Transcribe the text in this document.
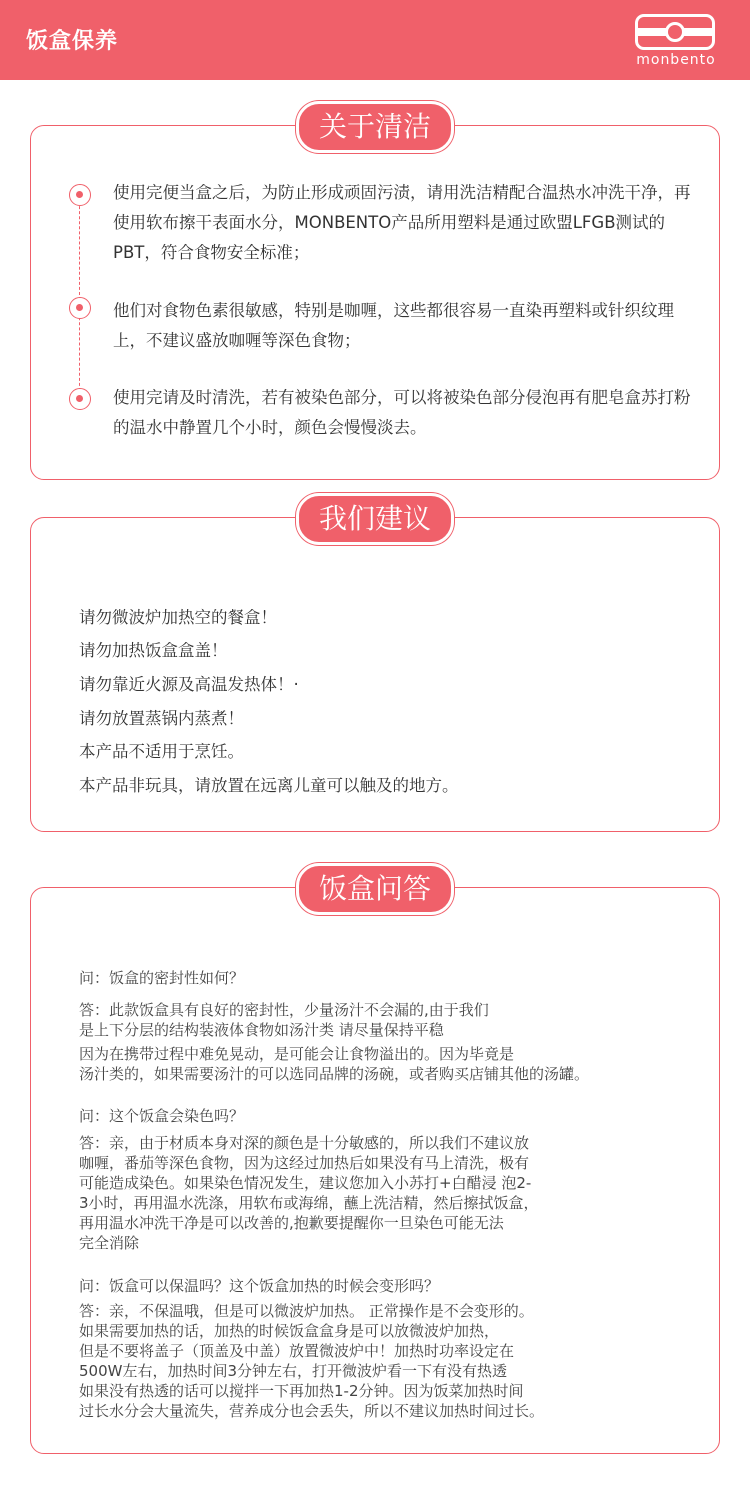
饭盒保养
monbento
关于清洁
使用完便当盒之后，为防止形成顽固污渍，请用洗洁精配合温热水冲洗干净，再使用软布擦干表面水分，MONBENTO产品所用塑料是通过欧盟LFGB测试的PBT，符合食物安全标准；
他们对食物色素很敏感，特别是咖喱，这些都很容易一直染再塑料或针织纹理上，不建议盛放咖喱等深色食物；
使用完请及时清洗，若有被染色部分，可以将被染色部分侵泡再有肥皂盒苏打粉的温水中静置几个小时，颜色会慢慢淡去。
我们建议
请勿微波炉加热空的餐盒！
请勿加热饭盒盒盖！
请勿靠近火源及高温发热体！·
请勿放置蒸锅内蒸煮！
本产品不适用于烹饪。
本产品非玩具，请放置在远离儿童可以触及的地方。
饭盒问答
问：饭盒的密封性如何？
答：此款饭盒具有良好的密封性，少量汤汁不会漏的,由于我们
是上下分层的结构装液体食物如汤汁类 请尽量保持平稳
因为在携带过程中难免晃动，是可能会让食物溢出的。因为毕竟是
汤汁类的，如果需要汤汁的可以选同品牌的汤碗，或者购买店铺其他的汤罐。
问：这个饭盒会染色吗？
答：亲，由于材质本身对深的颜色是十分敏感的，所以我们不建议放
咖喱，番茄等深色食物，因为这经过加热后如果没有马上清洗，极有
可能造成染色。如果染色情况发生，建议您加入小苏打+白醋浸 泡2-
3小时，再用温水洗涤，用软布或海绵，蘸上洗洁精，然后擦拭饭盒，
再用温水冲洗干净是可以改善的,抱歉要提醒你一旦染色可能无法
完全消除
问：饭盒可以保温吗？这个饭盒加热的时候会变形吗？
答：亲，不保温哦，但是可以微波炉加热。 正常操作是不会变形的。
如果需要加热的话，加热的时候饭盒盒身是可以放微波炉加热，
但是不要将盖子（顶盖及中盖）放置微波炉中！加热时功率设定在
500W左右，加热时间3分钟左右，打开微波炉看一下有没有热透
如果没有热透的话可以搅拌一下再加热1-2分钟。因为饭菜加热时间
过长水分会大量流失，营养成分也会丢失，所以不建议加热时间过长。
